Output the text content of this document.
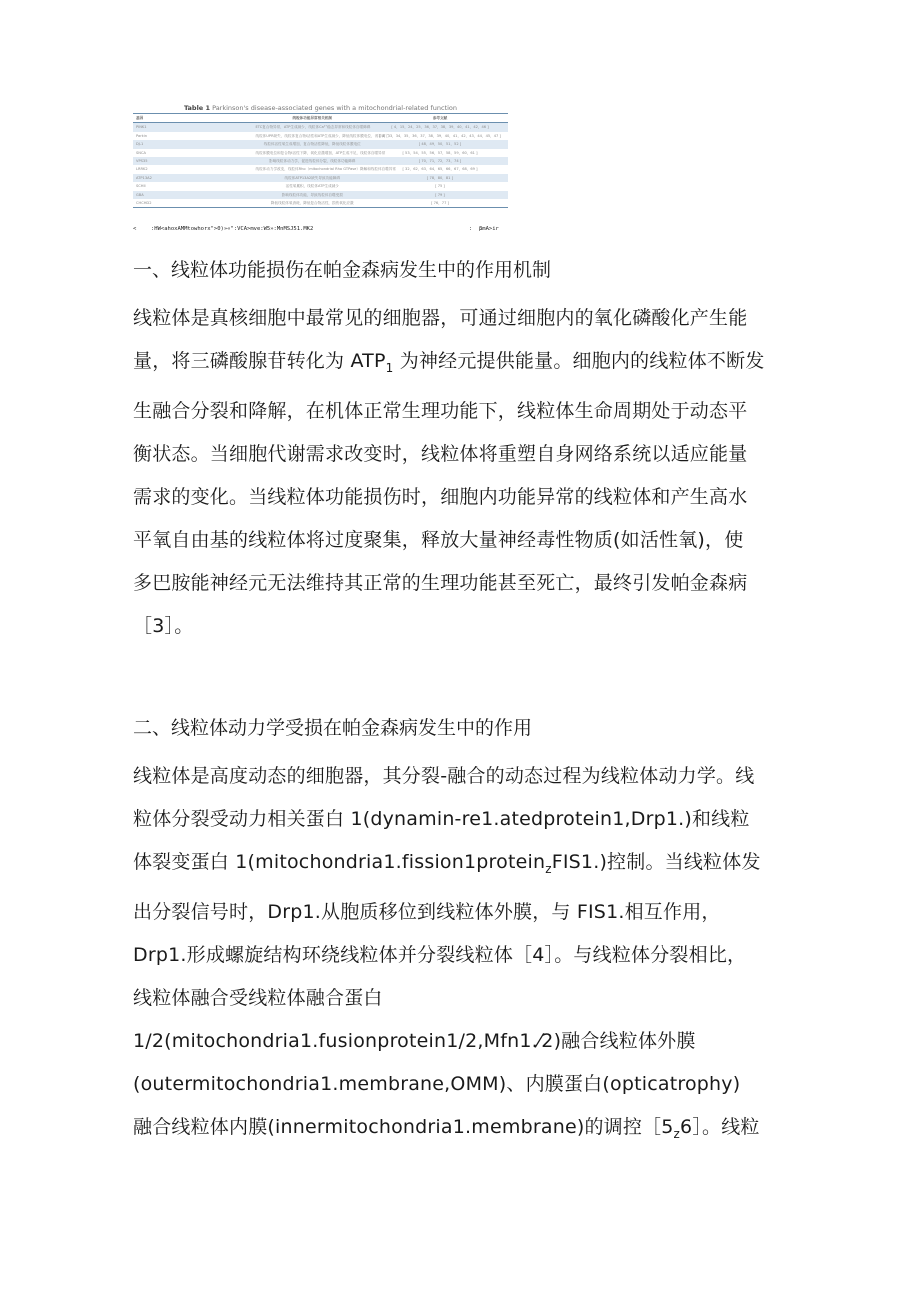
Table 1 Parkinson's disease-associated genes with a mitochondrial-related function
基因	线粒体功能异常相关机制	参考文献
PINK1	ETC复合物异常，ATP生成减少，线粒体Ca²⁺稳态异常和线粒体自噬障碍	[ 4，15，24，25，36，37，38，39，40，41，42，46 ]
Parkin	线粒体UPR缺失，线粒体复合物I活性和ATP生成减少，降低线粒体膜电位，诱导凋亡	[ 4，33，34，35，36，37，38，39，40，41，42，43，44，45，47 ]
DJ-1	线粒体活性氧生成增加，复合物活性降低，降低线粒体膜电位	[ 48，49，50，51，52 ]
SNCA	线粒体膜电位和复合物I活性下降，氧化应激增加，ATP生成不足，线粒体自噬异常	[ 53，54，55，56，57，58，59，60，61 ]
VPS35	影响线粒体动力学，促进线粒体分裂，线粒体功能障碍	[ 70，71，72，73，74 ]
LRRK2	线粒体动力学改变，线粒体Rho（mitochondrial Rho GTPase）降解和线粒体自噬异常	[ 32，62，63，64，65，66，67，68，69 ]
ATP13A2	线粒体ATP13A2缺失导致功能障碍	[ 78，80，81 ]
SCHII	活性氧累积，线粒体ATP生成减少	[ 75 ]
GBA	影响线粒体功能，导致线粒体自噬受损	[ 79 ]
CHCHD2	降低线粒体氧消耗，降低复合物活性，损伤氧化应激	[ 76，77 ]
<	:HW<ahoxAMMtowhorx">0)»«":VCA>mve:W5»:MnMSJ51.MK2	: βmA>ir
一、线粒体功能损伤在帕金森病发生中的作用机制

线粒体是真核细胞中最常见的细胞器，可通过细胞内的氧化磷酸化产生能

量，将三磷酸腺苷转化为 $ATP_1$ 为神经元提供能量。细胞内的线粒体不断发

生融合分裂和降解，在机体正常生理功能下，线粒体生命周期处于动态平

衡状态。当细胞代谢需求改变时，线粒体将重塑自身网络系统以适应能量

需求的变化。当线粒体功能损伤时，细胞内功能异常的线粒体和产生高水

平氧自由基的线粒体将过度聚集，释放大量神经毒性物质(如活性氧)，使

多巴胺能神经元无法维持其正常的生理功能甚至死亡，最终引发帕金森病

［3］。

二、线粒体动力学受损在帕金森病发生中的作用

线粒体是高度动态的细胞器，其分裂-融合的动态过程为线粒体动力学。线

粒体分裂受动力相关蛋白 1(dynamin-re1.atedprotein1,Drp1.)和线粒

体裂变蛋白 1(mitochondria1.fission1protein$_z$FIS1.)控制。当线粒体发

出分裂信号时，Drp1.从胞质移位到线粒体外膜，与 FIS1.相互作用，

Drp1.形成螺旋结构环绕线粒体并分裂线粒体［4］。与线粒体分裂相比，

线粒体融合受线粒体融合蛋白

1/2(mitochondria1.fusionprotein1/2,Mfn1.⁄2)融合线粒体外膜

(outermitochondria1.membrane,OMM)、内膜蛋白(opticatrophy)

融合线粒体内膜(innermitochondria1.membrane)的调控$[5_z6]$。线粒
